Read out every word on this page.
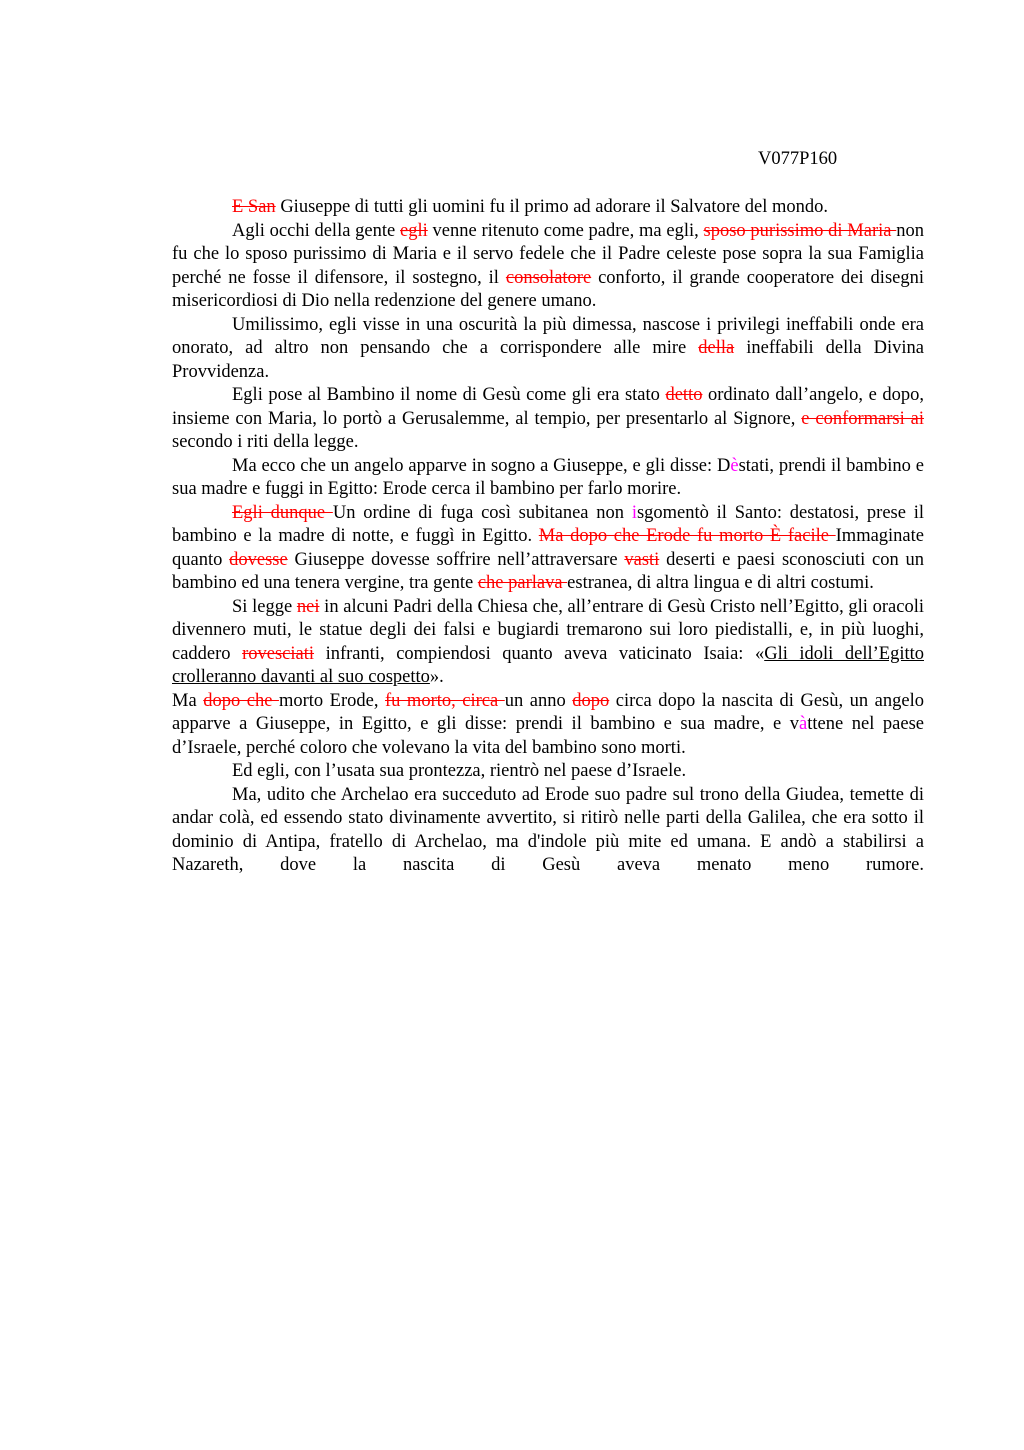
V077P160

E San Giuseppe di tutti gli uomini fu il primo ad adorare il Salvatore del mondo.

Agli occhi della gente egli venne ritenuto come padre, ma egli, sposo purissimo di Maria non fu che lo sposo purissimo di Maria e il servo fedele che il Padre celeste pose sopra la sua Famiglia perché ne fosse il difensore, il sostegno, il consolatore conforto, il grande cooperatore dei disegni misericordiosi di Dio nella redenzione del genere umano.

Umilissimo, egli visse in una oscurità la più dimessa, nascose i privilegi ineffabili onde era onorato, ad altro non pensando che a corrispondere alle mire della ineffabili della Divina Provvidenza.

Egli pose al Bambino il nome di Gesù come gli era stato detto ordinato dall’angelo, e dopo, insieme con Maria, lo portò a Gerusalemme, al tempio, per presentarlo al Signore, e conformarsi ai secondo i riti della legge.

Ma ecco che un angelo apparve in sogno a Giuseppe, e gli disse: Dèstati, prendi il bambino e sua madre e fuggi in Egitto: Erode cerca il bambino per farlo morire.

Egli dunque Un ordine di fuga così subitanea non isgomentò il Santo: destatosi, prese il bambino e la madre di notte, e fuggì in Egitto. Ma dopo che Erode fu morto È facile Immaginate quanto dovesse Giuseppe dovesse soffrire nell’attraversare vasti deserti e paesi sconosciuti con un bambino ed una tenera vergine, tra gente che parlava estranea, di altra lingua e di altri costumi.

Si legge nei in alcuni Padri della Chiesa che, all’entrare di Gesù Cristo nell’Egitto, gli oracoli divennero muti, le statue degli dei falsi e bugiardi tremarono sui loro piedistalli, e, in più luoghi, caddero rovesciati infranti, compiendosi quanto aveva vaticinato Isaia: «Gli idoli dell’Egitto crolleranno davanti al suo cospetto».

Ma dopo che morto Erode, fu morto, circa un anno dopo circa dopo la nascita di Gesù, un angelo apparve a Giuseppe, in Egitto, e gli disse: prendi il bambino e sua madre, e vàttene nel paese d’Israele, perché coloro che volevano la vita del bambino sono morti.

Ed egli, con l’usata sua prontezza, rientrò nel paese d’Israele.

Ma, udito che Archelao era succeduto ad Erode suo padre sul trono della Giudea, temette di andar colà, ed essendo stato divinamente avvertito, si ritirò nelle parti della Galilea, che era sotto il dominio di Antipa, fratello di Archelao, ma d'indole più mite ed umana. E andò a stabilirsi a Nazareth, dove la nascita di Gesù aveva menato meno rumore.
